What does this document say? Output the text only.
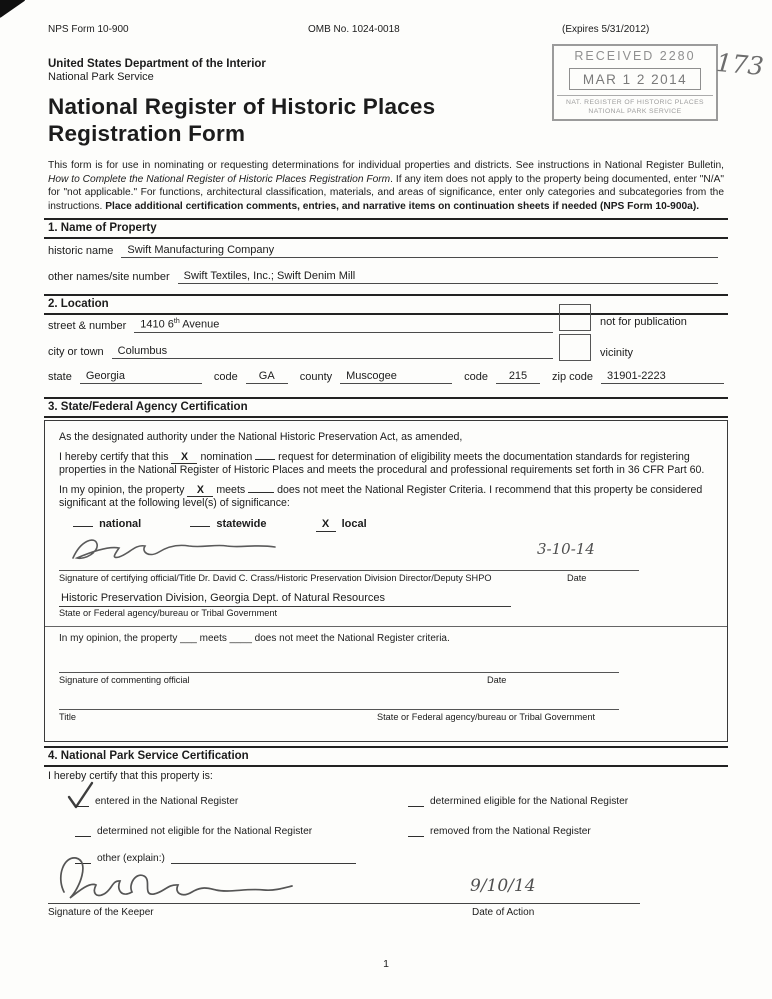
NPS Form 10-900	OMB No. 1024-0018	(Expires 5/31/2012)
United States Department of the Interior
National Park Service
RECEIVED 2280
MAR 1 2 2014
NAT. REGISTER OF HISTORIC PLACES
NATIONAL PARK SERVICE
173
National Register of Historic Places
Registration Form

This form is for use in nominating or requesting determinations for individual properties and districts. See instructions in National Register Bulletin, How to Complete the National Register of Historic Places Registration Form. If any item does not apply to the property being documented, enter "N/A" for "not applicable." For functions, architectural classification, materials, and areas of significance, enter only categories and subcategories from the instructions. Place additional certification comments, entries, and narrative items on continuation sheets if needed (NPS Form 10-900a).

1. Name of Property
historic name	Swift Manufacturing Company
other names/site number	Swift Textiles, Inc.; Swift Denim Mill
2. Location
street & number	1410 6th Avenue	not for publication
city or town	Columbus	vicinity
state	Georgia	code	GA	county	Muscogee	code	215	zip code	31901-2223
3. State/Federal Agency Certification

As the designated authority under the National Historic Preservation Act, as amended,

I hereby certify that this X nomination request for determination of eligibility meets the documentation standards for registering properties in the National Register of Historic Places and meets the procedural and professional requirements set forth in 36 CFR Part 60.

In my opinion, the property X meets	does not meet the National Register Criteria. I recommend that this property be considered significant at the following level(s) of significance:

national	statewide	X local
3-10-14
Signature of certifying official/Title Dr. David C. Crass/Historic Preservation Division Director/Deputy SHPO	Date
Historic Preservation Division, Georgia Dept. of Natural Resources
State or Federal agency/bureau or Tribal Government

In my opinion, the property ___ meets ____ does not meet the National Register criteria.

Signature of commenting official	Date
Title	State or Federal agency/bureau or Tribal Government
4. National Park Service Certification
I hereby certify that this property is:
entered in the National Register	determined eligible for the National Register
determined not eligible for the National Register	removed from the National Register
other (explain:)
9/10/14
Signature of the Keeper	Date of Action
1
